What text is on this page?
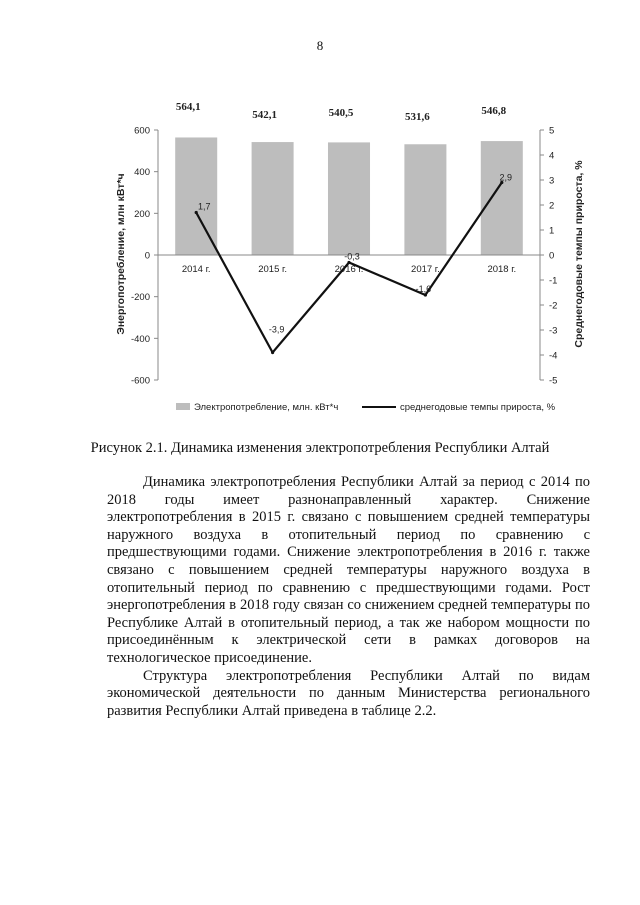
8
600
400
200
0
-200
-400
-600
5
4
3
2
1
0
-1
-2
-3
-4
-5
2014 г.	2015 г.	2016 г.	2017 г.	2018 г.
564,1
542,1	540,5	531,6	546,8
1,7
-3,9
-0,3
-1,6
2,9
Энергопотребление, млн кВт*ч	Среднегодовые темпы прироста, %
Электропотребление, млн. кВт*ч	среднегодовые темпы прироста, %
Рисунок 2.1. Динамика изменения электропотребления Республики Алтай

Динамика электропотребления Республики Алтай за период с 2014 по 2018 годы имеет разнонаправленный характер. Снижение электропотребления в 2015 г. связано с повышением средней температуры наружного воздуха в отопительный период по сравнению с предшествующими годами. Снижение электропотребления в 2016 г. также связано с повышением средней температуры наружного воздуха в отопительный период по сравнению с предшествующими годами. Рост энергопотребления в 2018 году связан со снижением средней температуры по Республике Алтай в отопительный период, а так же набором мощности по присоединённым к электрической сети в рамках договоров на технологическое присоединение.

Структура электропотребления Республики Алтай по видам экономической деятельности по данным Министерства регионального развития Республики Алтай приведена в таблице 2.2.
